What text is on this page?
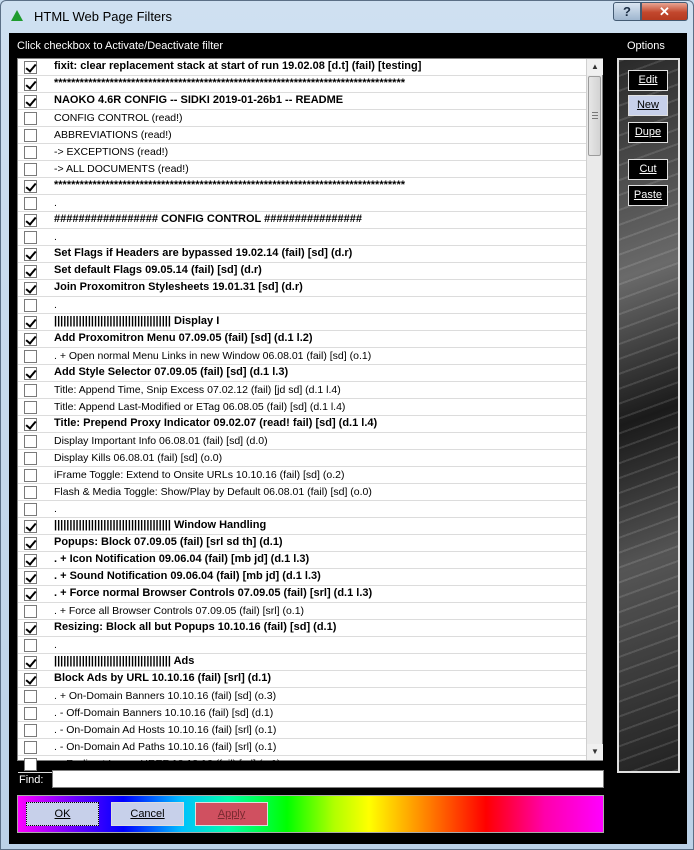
HTML Web Page Filters	?	✕
Click checkbox to Activate/Deactivate filter	Options
fixit: clear replacement stack at start of run 19.02.08 [d.t] (fail) [testing]
**********************************************************************************
NAOKO 4.6R CONFIG -- SIDKI 2019-01-26b1 -- README
CONFIG CONTROL (read!)
ABBREVIATIONS (read!)
-> EXCEPTIONS (read!)
-> ALL DOCUMENTS (read!)
**********************************************************************************
.
################# CONFIG CONTROL ################
.
Set Flags if Headers are bypassed 19.02.14 (fail) [sd] (d.r)
Set default Flags 09.05.14 (fail) [sd] (d.r)
Join Proxomitron Stylesheets 19.01.31 [sd] (d.r)
.
|||||||||||||||||||||||||||||||||||||| Display I
Add Proxomitron Menu 07.09.05 (fail) [sd] (d.1 l.2)
. + Open normal Menu Links in new Window 06.08.01 (fail) [sd] (o.1)
Add Style Selector 07.09.05 (fail) [sd] (d.1 l.3)
Title: Append Time, Snip Excess 07.02.12 (fail) [jd sd] (d.1 l.4)
Title: Append Last-Modified or ETag 06.08.05 (fail) [sd] (d.1 l.4)
Title: Prepend Proxy Indicator 09.02.07 (read! fail) [sd] (d.1 l.4)
Display Important Info 06.08.01 (fail) [sd] (d.0)
Display Kills 06.08.01 (fail) [sd] (o.0)
iFrame Toggle: Extend to Onsite URLs 10.10.16 (fail) [sd] (o.2)
Flash & Media Toggle: Show/Play by Default 06.08.01 (fail) [sd] (o.0)
.
|||||||||||||||||||||||||||||||||||||| Window Handling
Popups: Block 07.09.05 (fail) [srl sd th] (d.1)
. + Icon Notification 09.06.04 (fail) [mb jd] (d.1 l.3)
. + Sound Notification 09.06.04 (fail) [mb jd] (d.1 l.3)
. + Force normal Browser Controls 07.09.05 (fail) [srl] (d.1 l.3)
. + Force all Browser Controls 07.09.05 (fail) [srl] (o.1)
Resizing: Block all but Popups 10.10.16 (fail) [sd] (d.1)
.
|||||||||||||||||||||||||||||||||||||| Ads
Block Ads by URL 10.10.16 (fail) [srl] (d.1)
. + On-Domain Banners 10.10.16 (fail) [sd] (o.3)
. - Off-Domain Banners 10.10.16 (fail) [sd] (d.1)
. - On-Domain Ad Hosts 10.10.16 (fail) [srl] (o.1)
. - On-Domain Ad Paths 10.10.16 (fail) [srl] (o.1)
. - Redirect Image HREF 10.10.16 (fail) [sd] (o.1)
▲
▼
Edit
New
Dupe
Cut
Paste
Find:
OK	Cancel	Apply
